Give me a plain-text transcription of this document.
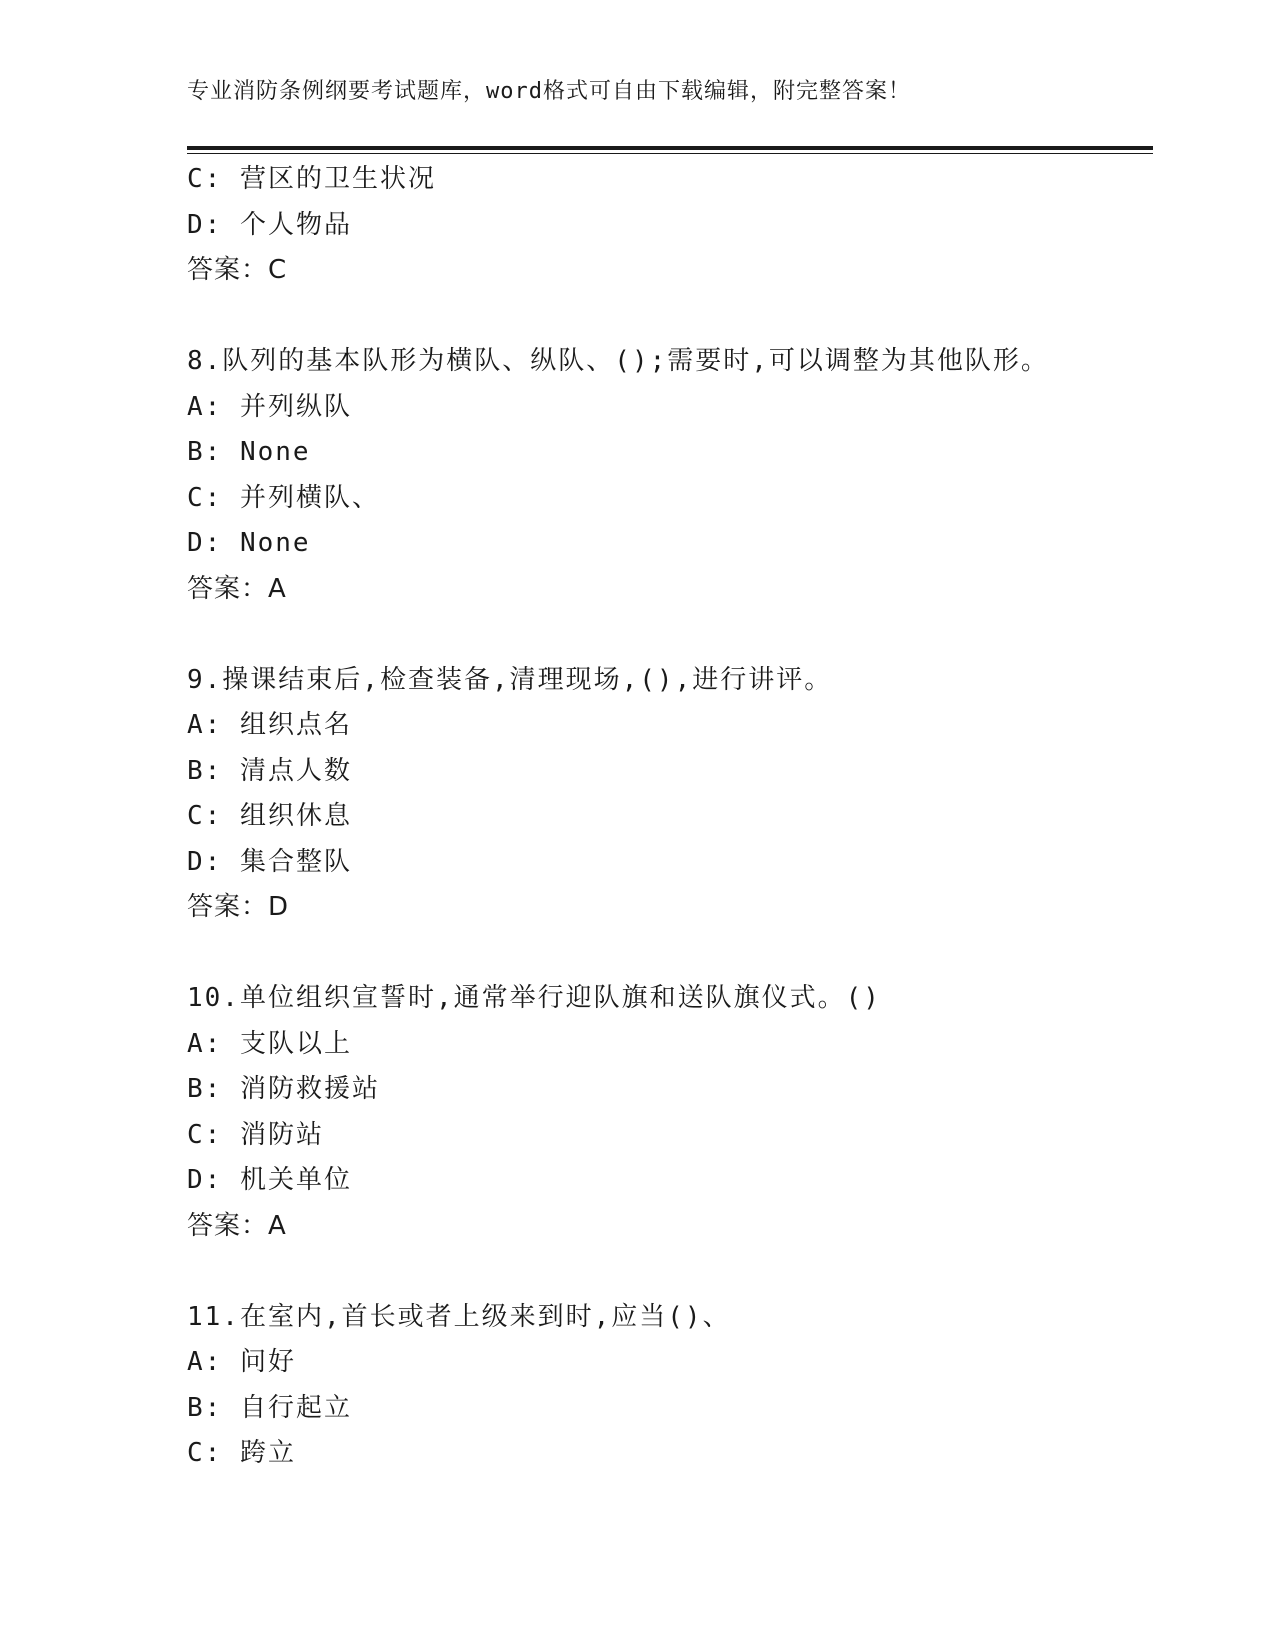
专业消防条例纲要考试题库，word格式可自由下载编辑，附完整答案！
C: 营区的卫生状况
D: 个人物品
答案：C
8.队列的基本队形为横队、纵队、();需要时,可以调整为其他队形。
A: 并列纵队
B: None
C: 并列横队、
D: None
答案：A
9.操课结束后,检查装备,清理现场,(),进行讲评。
A: 组织点名
B: 清点人数
C: 组织休息
D: 集合整队
答案：D
10.单位组织宣誓时,通常举行迎队旗和送队旗仪式。()
A: 支队以上
B: 消防救援站
C: 消防站
D: 机关单位
答案：A
11.在室内,首长或者上级来到时,应当()、
A: 问好
B: 自行起立
C: 跨立
